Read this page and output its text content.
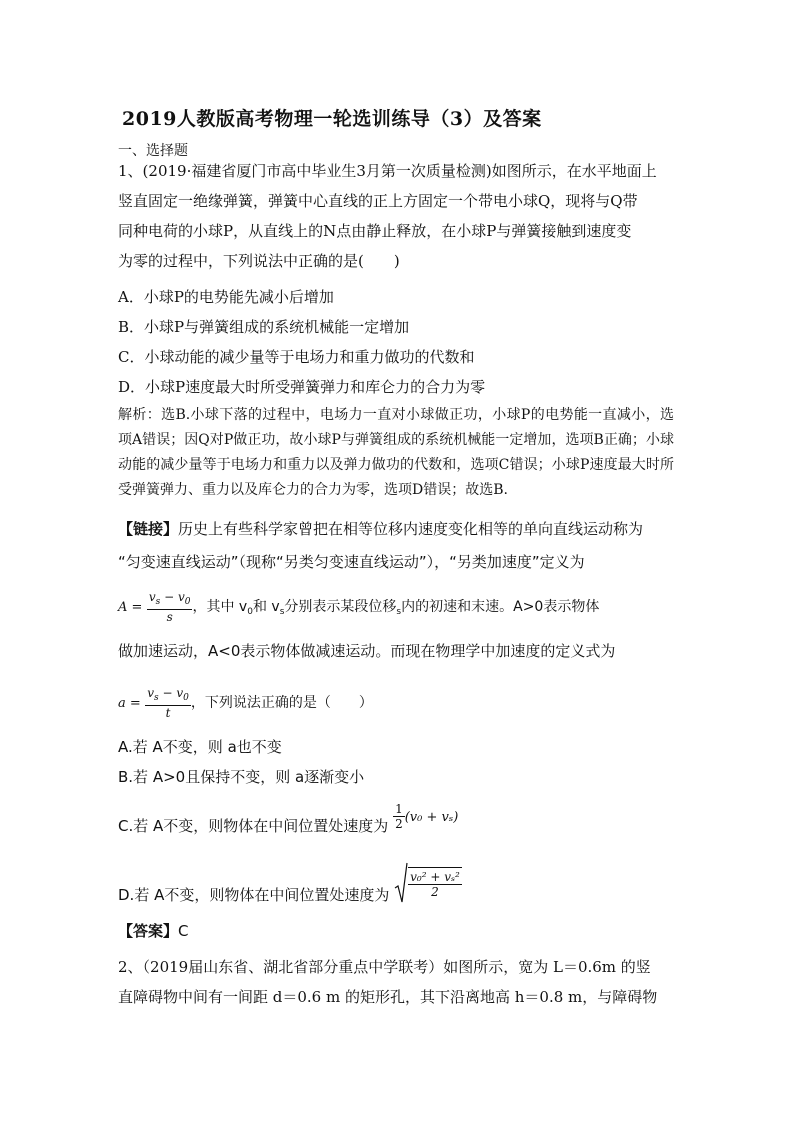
2019人教版高考物理一轮选训练导（3）及答案
一、选择题
1、(2019·福建省厦门市高中毕业生3月第一次质量检测)如图所示，在水平地面上
竖直固定一绝缘弹簧，弹簧中心直线的正上方固定一个带电小球Q，现将与Q带
同种电荷的小球P，从直线上的N点由静止释放，在小球P与弹簧接触到速度变
为零的过程中，下列说法中正确的是(　　)
A．小球P的电势能先减小后增加
B．小球P与弹簧组成的系统机械能一定增加
C．小球动能的减少量等于电场力和重力做功的代数和
D．小球P速度最大时所受弹簧弹力和库仑力的合力为零
解析：选B.小球下落的过程中，电场力一直对小球做正功，小球P的电势能一直减小，选项A错误；因Q对P做正功，故小球P与弹簧组成的系统机械能一定增加，选项B正确；小球动能的减少量等于电场力和重力以及弹力做功的代数和，选项C错误；小球P速度最大时所受弹簧弹力、重力以及库仑力的合力为零，选项D错误；故选B.
【链接】历史上有些科学家曾把在相等位移内速度变化相等的单向直线运动称为
“匀变速直线运动”（现称“另类匀变速直线运动”），“另类加速度”定义为
$A = \frac{v_s - v_0}{s}$ ，其中 $v_0$和 $v_s$分别表示某段位移$_s$内的初速和末速。A>0表示物体
做加速运动，A<0表示物体做减速运动。而现在物理学中加速度的定义式为
$a = \frac{v_s - v_0}{t}$ ，下列说法正确的是（　　）
A.若 A不变，则 a也不变
B.若 A>0且保持不变，则 a逐渐变小
C.若 A不变，则物体在中间位置处速度为 $\frac{1}{2} (v_0 + v_s)$
D.若 A不变，则物体在中间位置处速度为 $\frac{\text{v₀² + vₛ²}}{2}$
【答案】C
2、（2019届山东省、湖北省部分重点中学联考）如图所示，宽为 L＝0.6m 的竖
直障碍物中间有一间距 d＝0.6 m 的矩形孔，其下沿离地高 h＝0.8 m，与障碍物
